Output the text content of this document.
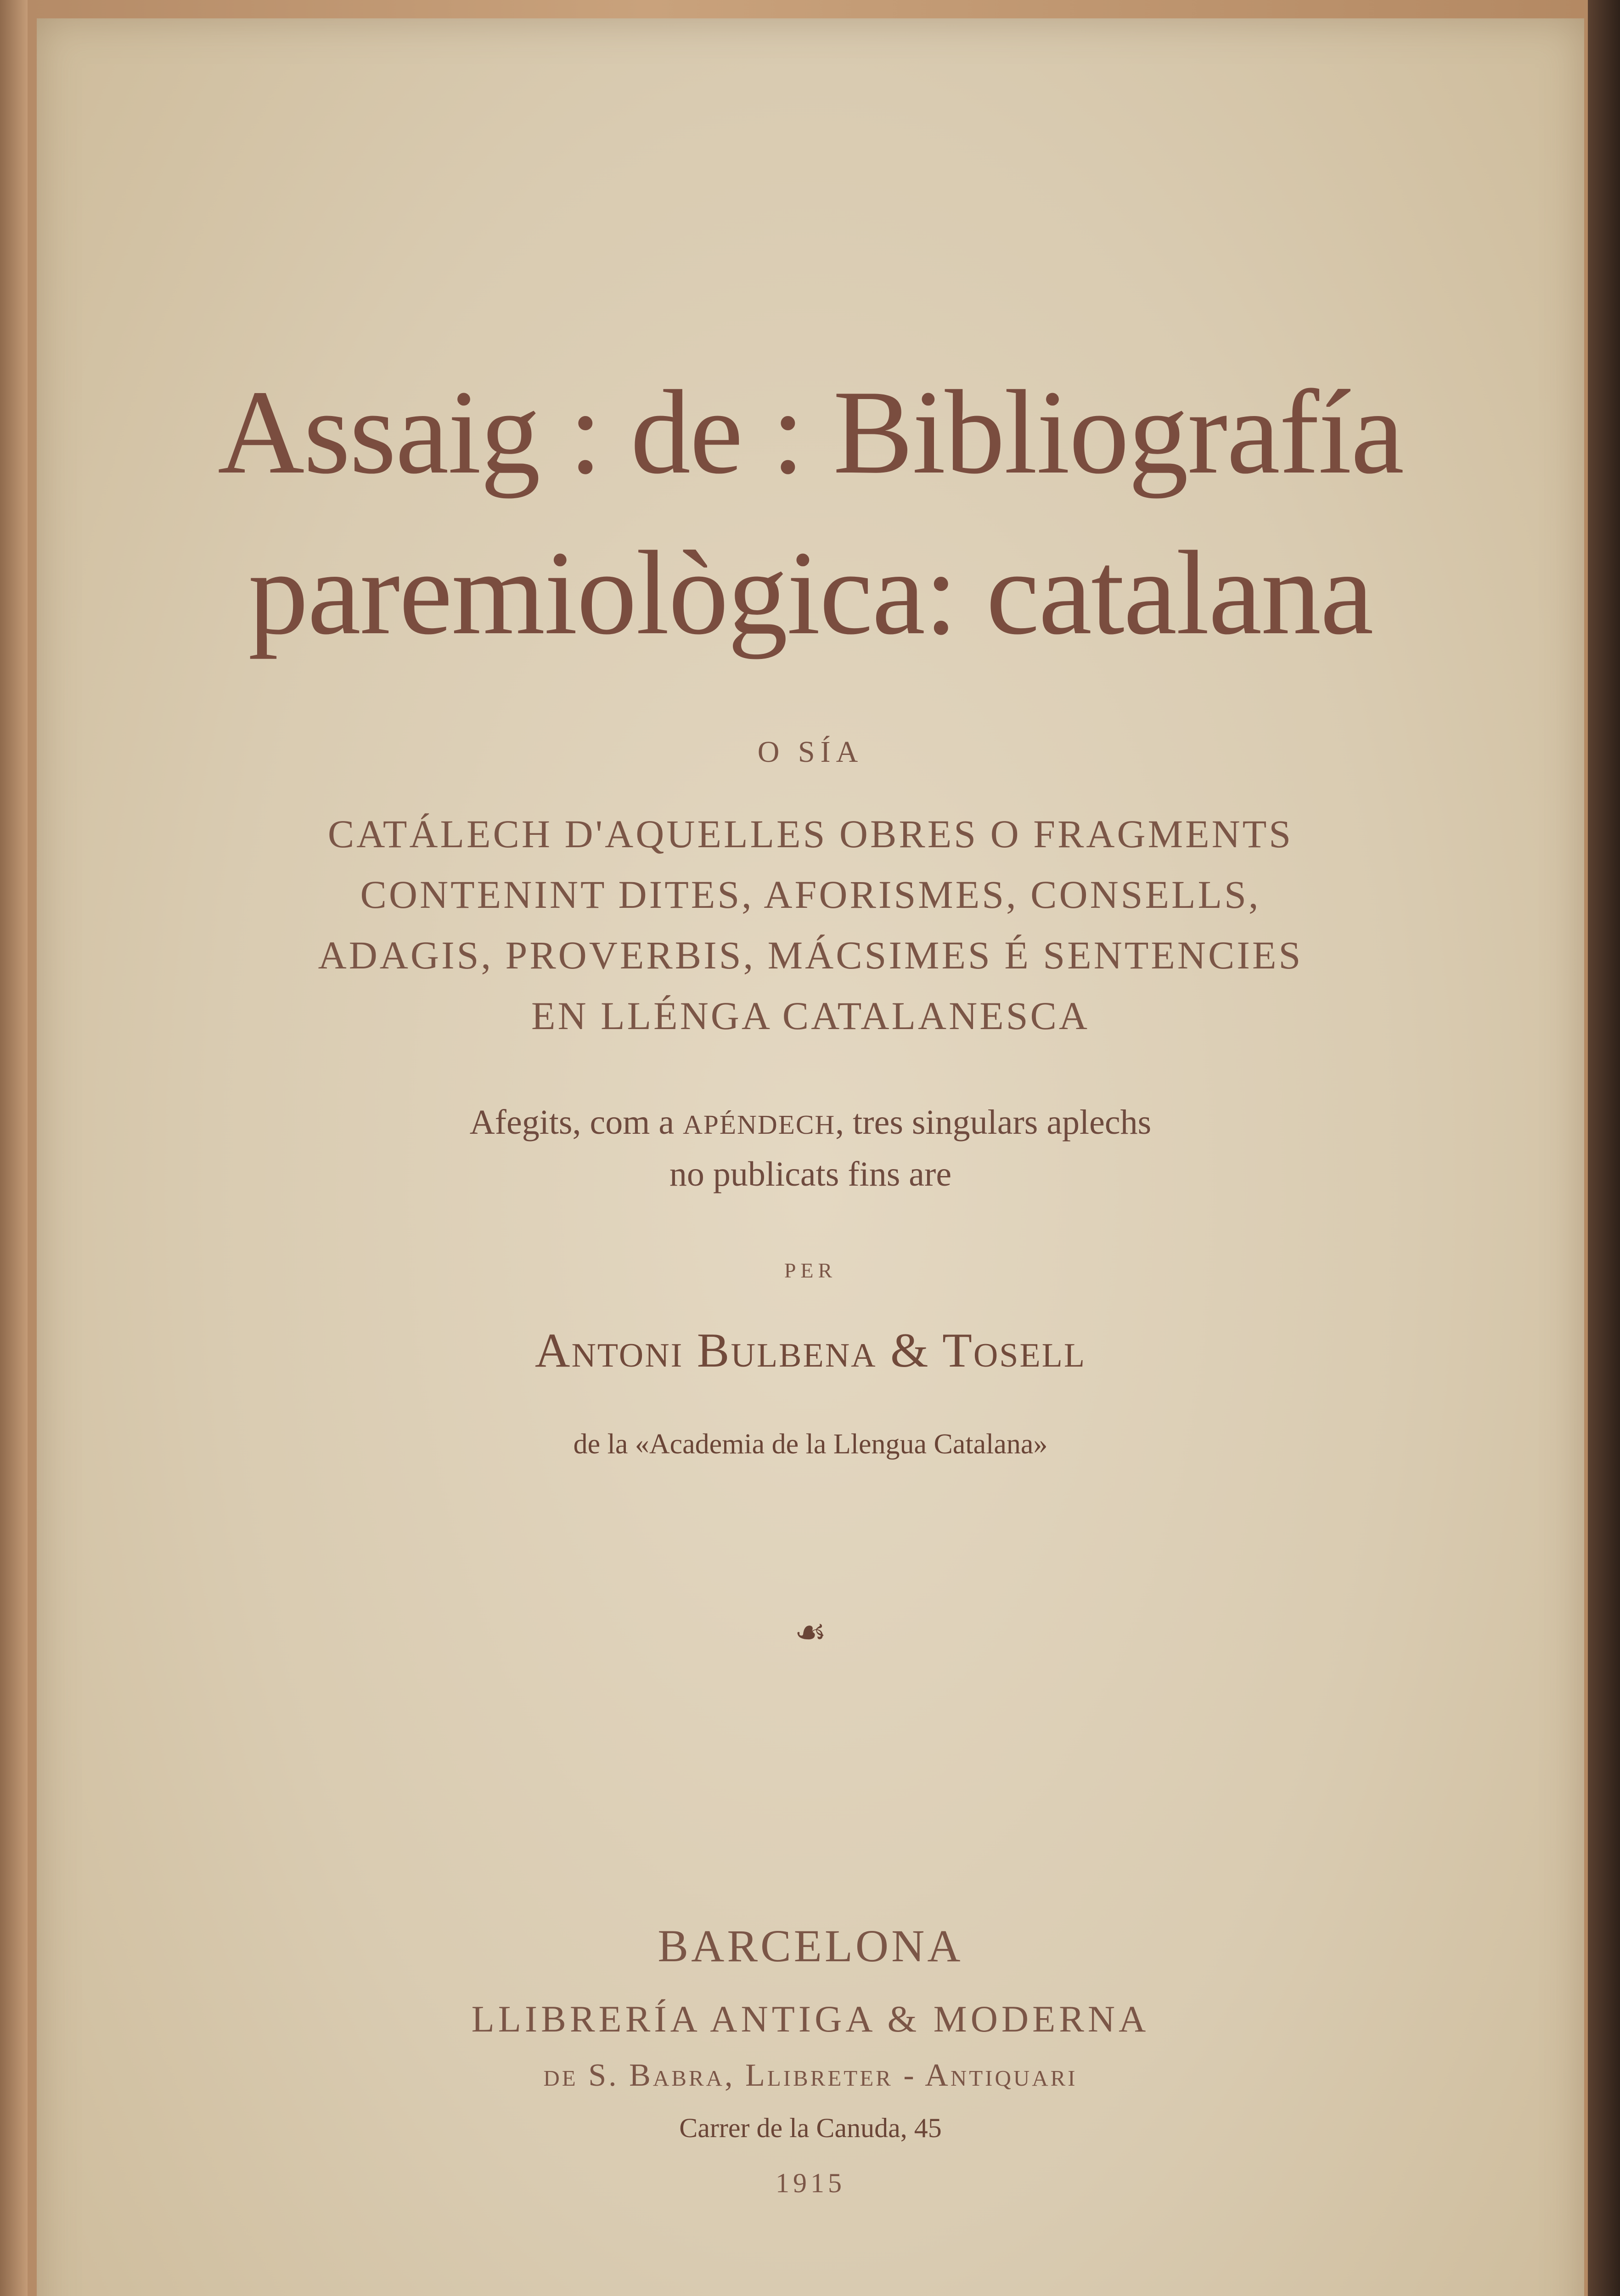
Assaig : de : Bibliografía

paremiològica: catalana

O SÍA
CATÁLECH D'AQUELLES OBRES O FRAGMENTS
CONTENINT DITES, AFORISMES, CONSELLS,
ADAGIS, PROVERBIS, MÁCSIMES É SENTENCIES
EN LLÉNGA CATALANESCA
Afegits, com a APÉNDECH, tres singulars aplechs
no publicats fins are
PER
Antoni Bulbena & Tosell
de la «Academia de la Llengua Catalana»
☙
BARCELONA
LLIBRERÍA ANTIGA & MODERNA
de S. Babra, Llibreter - Antiquari
Carrer de la Canuda, 45
1915
